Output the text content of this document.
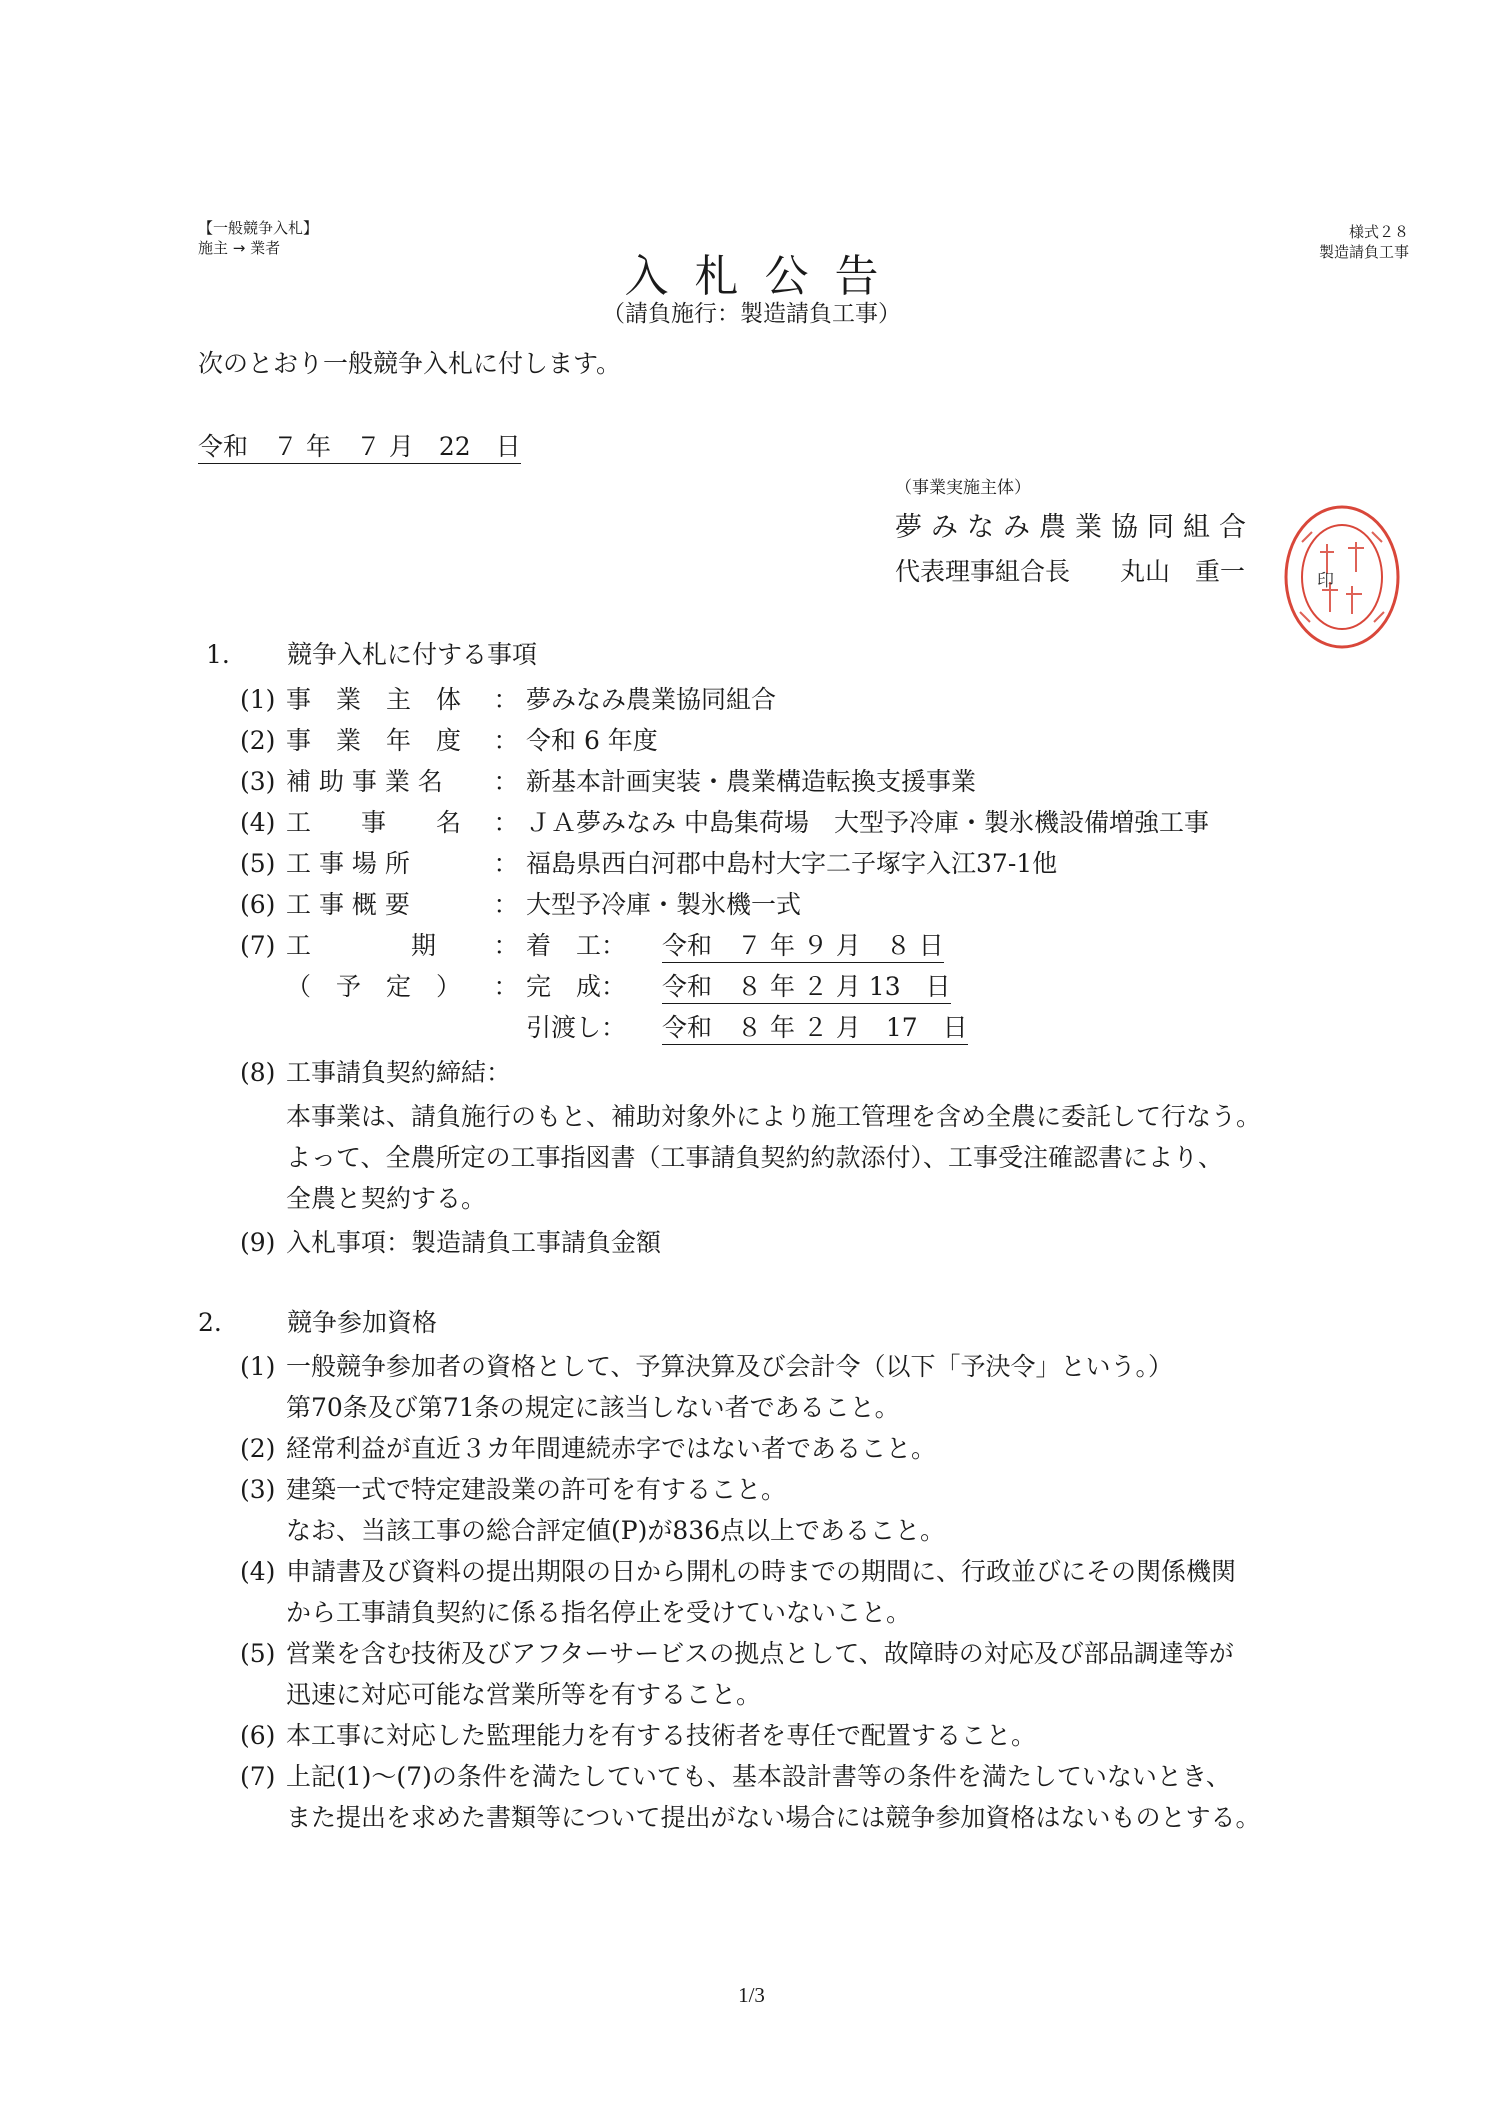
【一般競争入札】
施主 → 業者
様式２８
製造請負工事
入札公告
（請負施行：製造請負工事）
次のとおり一般競争入札に付します。
令和　７ 年　７ 月　22　日
（事業実施主体）
夢みなみ農業協同組合
代表理事組合長　　丸山　重一	印
1. 競争入札に付する事項
(1) 事　業　主　体 ： 夢みなみ農業協同組合
(2) 事　業　年　度 ： 令和 6 年度
(3) 補 助 事 業 名 ： 新基本計画実装・農業構造転換支援事業
(4) 工　　事　　名 ： ＪＡ夢みなみ 中島集荷場　大型予冷庫・製氷機設備増強工事
(5) 工 事 場 所	： 福島県西白河郡中島村大字二子塚字入江37-1他
(6) 工 事 概 要	： 大型予冷庫・製氷機一式
(7) 工　　　　期 ： 着　工： 令和　７ 年 ９ 月　８ 日
（　予　定　） ： 完　成： 令和　８ 年 ２ 月 13　日
引渡し： 令和　８ 年 ２ 月　17　日
(8) 工事請負契約締結：
本事業は、請負施行のもと、補助対象外により施工管理を含め全農に委託して行なう。
よって、全農所定の工事指図書（工事請負契約約款添付）、工事受注確認書により、
全農と契約する。
(9) 入札事項：製造請負工事請負金額
2.	競争参加資格
(1) 一般競争参加者の資格として、予算決算及び会計令（以下「予決令」という。）
第70条及び第71条の規定に該当しない者であること。
(2) 経常利益が直近３カ年間連続赤字ではない者であること。
(3) 建築一式で特定建設業の許可を有すること。
なお、当該工事の総合評定値(P)が836点以上であること。
(4) 申請書及び資料の提出期限の日から開札の時までの期間に、行政並びにその関係機関
から工事請負契約に係る指名停止を受けていないこと。
(5) 営業を含む技術及びアフターサービスの拠点として、故障時の対応及び部品調達等が
迅速に対応可能な営業所等を有すること。
(6) 本工事に対応した監理能力を有する技術者を専任で配置すること。
(7) 上記(1)～(7)の条件を満たしていても、基本設計書等の条件を満たしていないとき、
また提出を求めた書類等について提出がない場合には競争参加資格はないものとする。
1/3
